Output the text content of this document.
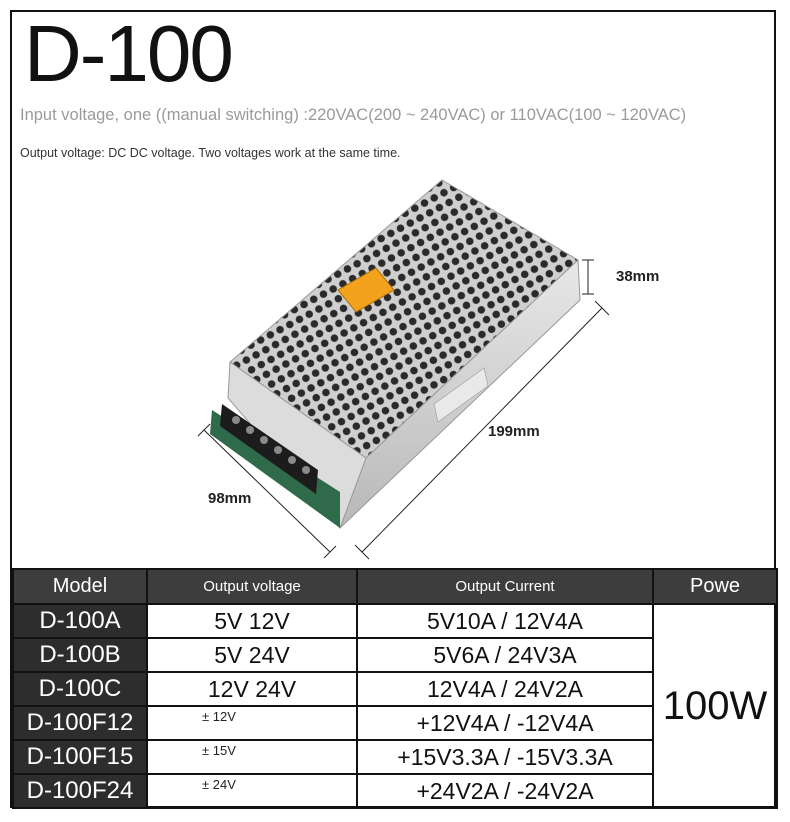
D-100
Input voltage, one ((manual switching) :220VAC(200 ~ 240VAC) or 110VAC(100 ~ 120VAC)
Output voltage: DC DC voltage. Two voltages work at the same time.
38mm
199mm
98mm
Model	Output voltage	Output Current	Powe
D-100A	5V 12V	5V10A / 12V4A	100W
D-100B	5V 24V	5V6A / 24V3A	
D-100C	12V 24V	12V4A / 24V2A	
D-100F12	± 12V	+12V4A / -12V4A	
D-100F15	± 15V	+15V3.3A / -15V3.3A	
D-100F24	± 24V	+24V2A / -24V2A	
